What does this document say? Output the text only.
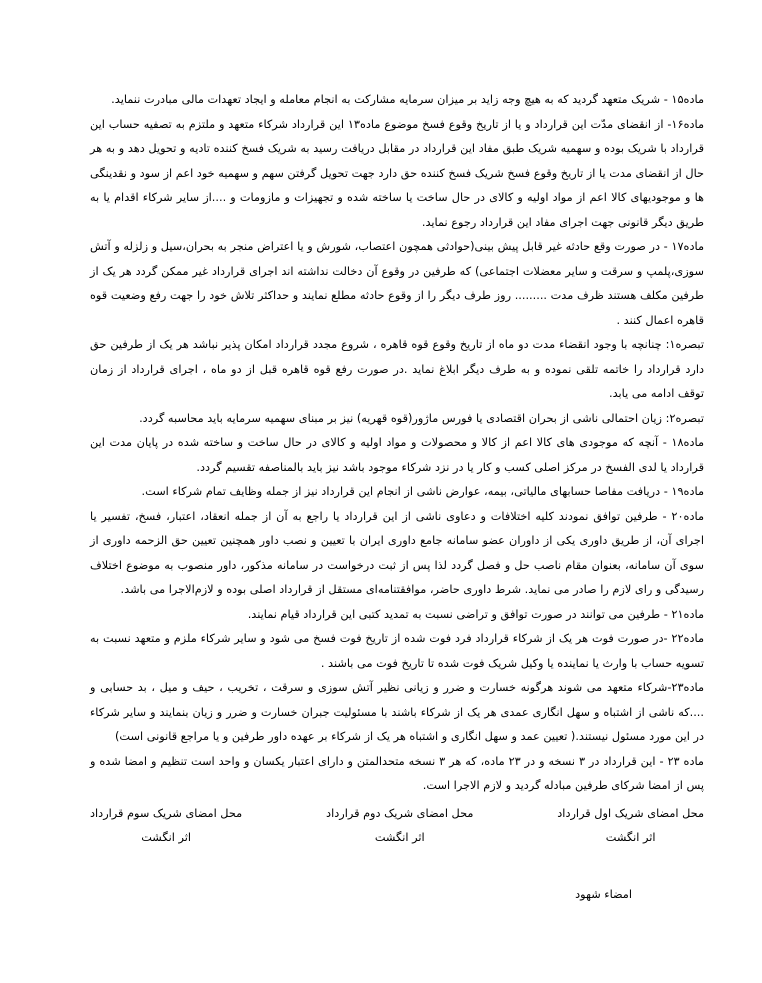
ماده۱۵ - شریک متعهد گردید که به هیچ وجه زاید بر میزان سرمایه مشارکت به انجام معامله و ایجاد تعهدات مالی مبادرت ننماید.

ماده۱۶- از انقضای مدّت این قرارداد و یا از تاریخ وقوع فسخ موضوع ماده۱۳ این قرارداد شرکاء متعهد و ملتزم به تصفیه حساب این قرارداد با شریک بوده و سهمیه شریک طبق مفاد این قرارداد در مقابل دریافت رسید به شریک فسخ کننده تادیه و تحویل دهد و به هر حال از انقضای مدت یا از تاریخ وقوع فسخ شریک فسخ کننده حق دارد جهت تحویل گرفتن سهم و سهمیه خود اعم از سود و نقدینگی ها و موجودیهای کالا اعم از مواد اولیه و کالای در حال ساخت یا ساخته شده و تجهیزات و مازومات و ....از سایر شرکاء اقدام یا به طریق دیگر قانونی جهت اجرای مفاد این قرارداد رجوع نماید.

ماده۱۷ - در صورت وقع حادثه غیر قابل پیش بینی(حوادثی همچون اعتصاب، شورش و یا اعتراض منجر به بحران،سیل و زلزله و آتش سوزی،پلمپ و سرقت و سایر معضلات اجتماعی) که طرفین در وقوع آن دخالت نداشته اند اجرای قرارداد غیر ممکن گردد هر یک از طرفین مکلف هستند ظرف مدت ......... روز طرف دیگر را از وقوع حادثه مطلع نمایند و حداکثر تلاش خود را جهت رفع وضعیت قوه قاهره اعمال کنند .

تبصره۱: چنانچه با وجود انقضاء مدت دو ماه از تاریخ وقوع قوه قاهره ، شروع مجدد قرارداد امکان پذیر نباشد هر یک از طرفین حق دارد قرارداد را خاتمه تلقی نموده و به طرف دیگر ابلاغ نماید .در صورت رفع قوه قاهره قبل از دو ماه ، اجرای قرارداد از زمان توقف ادامه می یابد.

تبصره۲: زیان احتمالی ناشی از بحران اقتصادی یا فورس ماژور(قوه قهریه) نیز بر مبنای سهمیه سرمایه باید محاسبه گردد.

ماده۱۸ - آنچه که موجودی های کالا اعم از کالا و محصولات و مواد اولیه و کالای در حال ساخت و ساخته شده در پایان مدت این قرارداد یا لدی الفسخ در مرکز اصلی کسب و کار یا در نزد شرکاء موجود باشد نیز باید بالمناصفه تقسیم گردد.

ماده۱۹ - دریافت مفاصا حسابهای مالیاتی، بیمه، عوارض ناشی از انجام این قرارداد نیز از جمله وظایف تمام شرکاء است.

ماده۲۰ - طرفین توافق نمودند کلیه اختلافات و دعاوی ناشی از این قرارداد یا راجع به آن از جمله انعقاد، اعتبار، فسخ، تفسیر یا اجرای آن، از طریق داوری یکی از داوران عضو سامانه جامع داوری ایران با تعیین و نصب داور همچنین تعیین حق الزحمه داوری از سوی آن سامانه، بعنوان مقام ناصب حل و فصل گردد لذا پس از ثبت درخواست در سامانه مذکور، داور منصوب به موضوع اختلاف رسیدگی و رای لازم را صادر می نماید. شرط داوری حاضر، موافقتنامه‌ای مستقل از قرارداد اصلی بوده و لازم‌الاجرا می باشد.

ماده۲۱ - طرفین می توانند در صورت توافق و تراضی نسبت به تمدید کتبی این قرارداد قیام نمایند.

ماده۲۲ -در صورت فوت هر یک از شرکاء قرارداد فرد فوت شده از تاریخ فوت فسخ می شود و سایر شرکاء ملزم و متعهد نسبت به تسویه حساب با وارث یا نماینده یا وکیل شریک فوت شده تا تاریخ فوت می باشند .

ماده۲۳-شرکاء متعهد می شوند هرگونه خسارت و ضرر و زیانی نظیر آتش سوزی و سرقت ، تخریب ، حیف و میل ، بد حسابی و ....که ناشی از اشتباه و سهل انگاری عمدی هر یک از شرکاء باشند با مسئولیت جبران خسارت و ضرر و زیان بنمایند و سایر شرکاء در این مورد مسئول نیستند.( تعیین عمد و سهل انگاری و اشتباه هر یک از شرکاء بر عهده داور طرفین و یا مراجع قانونی است)

ماده ۲۳ - این قرارداد در ۳ نسخه و در ۲۳ ماده، که هر ۳ نسخه متحدالمتن و دارای اعتبار یکسان و واحد است تنظیم و امضا شده و پس از امضا شرکای طرفین مبادله گردید و لازم الاجرا است.

محل امضای شریک اول قرارداد
اثر انگشت
محل امضای شریک دوم قرارداد
اثر انگشت
محل امضای شریک سوم قرارداد
اثر انگشت
امضاء شهود
